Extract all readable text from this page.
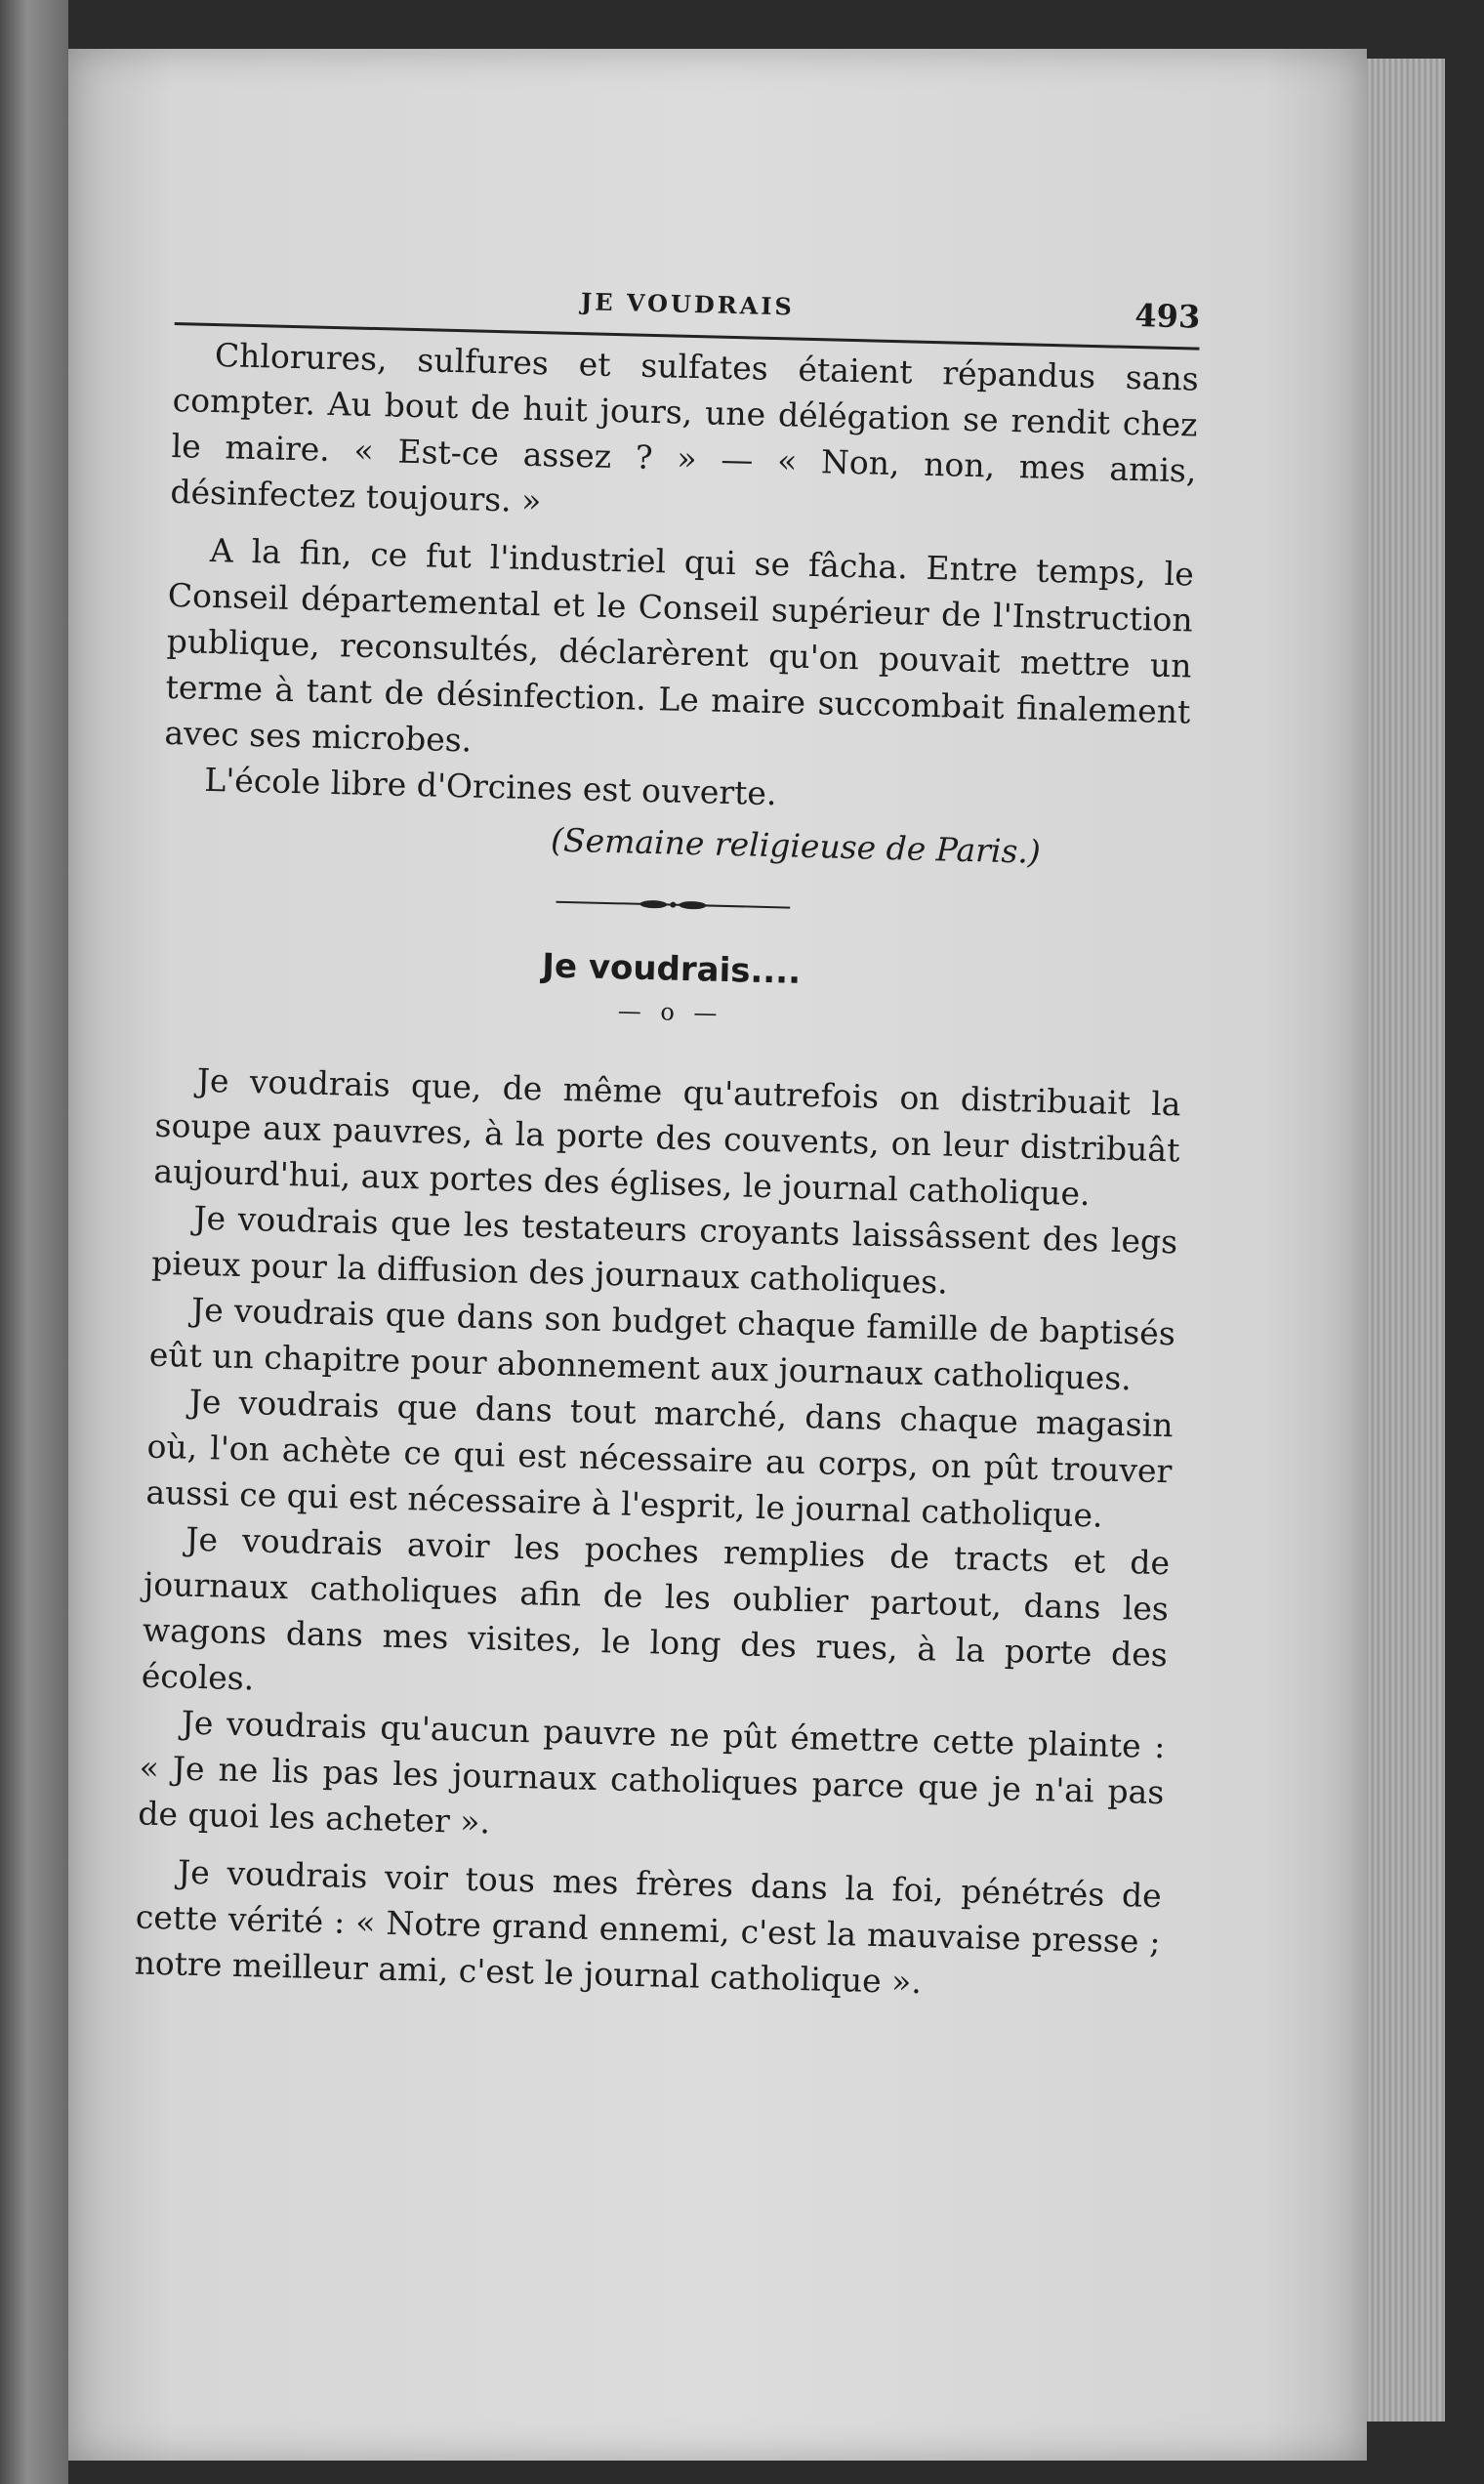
JE VOUDRAIS	493

Chlorures, sulfures et sulfates étaient répandus sans compter. Au bout de huit jours, une délégation se rendit chez le maire. « Est-ce assez ? » — « Non, non, mes amis, désinfectez toujours. »

A la fin, ce fut l'industriel qui se fâcha. Entre temps, le Conseil départemental et le Conseil supérieur de l'Instruction publique, reconsultés, déclarèrent qu'on pouvait mettre un terme à tant de désinfection. Le maire succombait finalement avec ses microbes.

L'école libre d'Orcines est ouverte.

(Semaine religieuse de Paris.)
Je voudrais....
— o —

Je voudrais que, de même qu'autrefois on distribuait la soupe aux pauvres, à la porte des couvents, on leur distribuât aujourd'hui, aux portes des églises, le journal catholique.

Je voudrais que les testateurs croyants laissâssent des legs pieux pour la diffusion des journaux catholiques.

Je voudrais que dans son budget chaque famille de baptisés eût un chapitre pour abonnement aux journaux catholiques.

Je voudrais que dans tout marché, dans chaque magasin où, l'on achète ce qui est nécessaire au corps, on pût trouver aussi ce qui est nécessaire à l'esprit, le journal catholique.

Je voudrais avoir les poches remplies de tracts et de journaux catholiques afin de les oublier partout, dans les wagons dans mes visites, le long des rues, à la porte des écoles.

Je voudrais qu'aucun pauvre ne pût émettre cette plainte : « Je ne lis pas les journaux catholiques parce que je n'ai pas de quoi les acheter ».

Je voudrais voir tous mes frères dans la foi, pénétrés de cette vérité : « Notre grand ennemi, c'est la mauvaise presse ; notre meilleur ami, c'est le journal catholique ».
